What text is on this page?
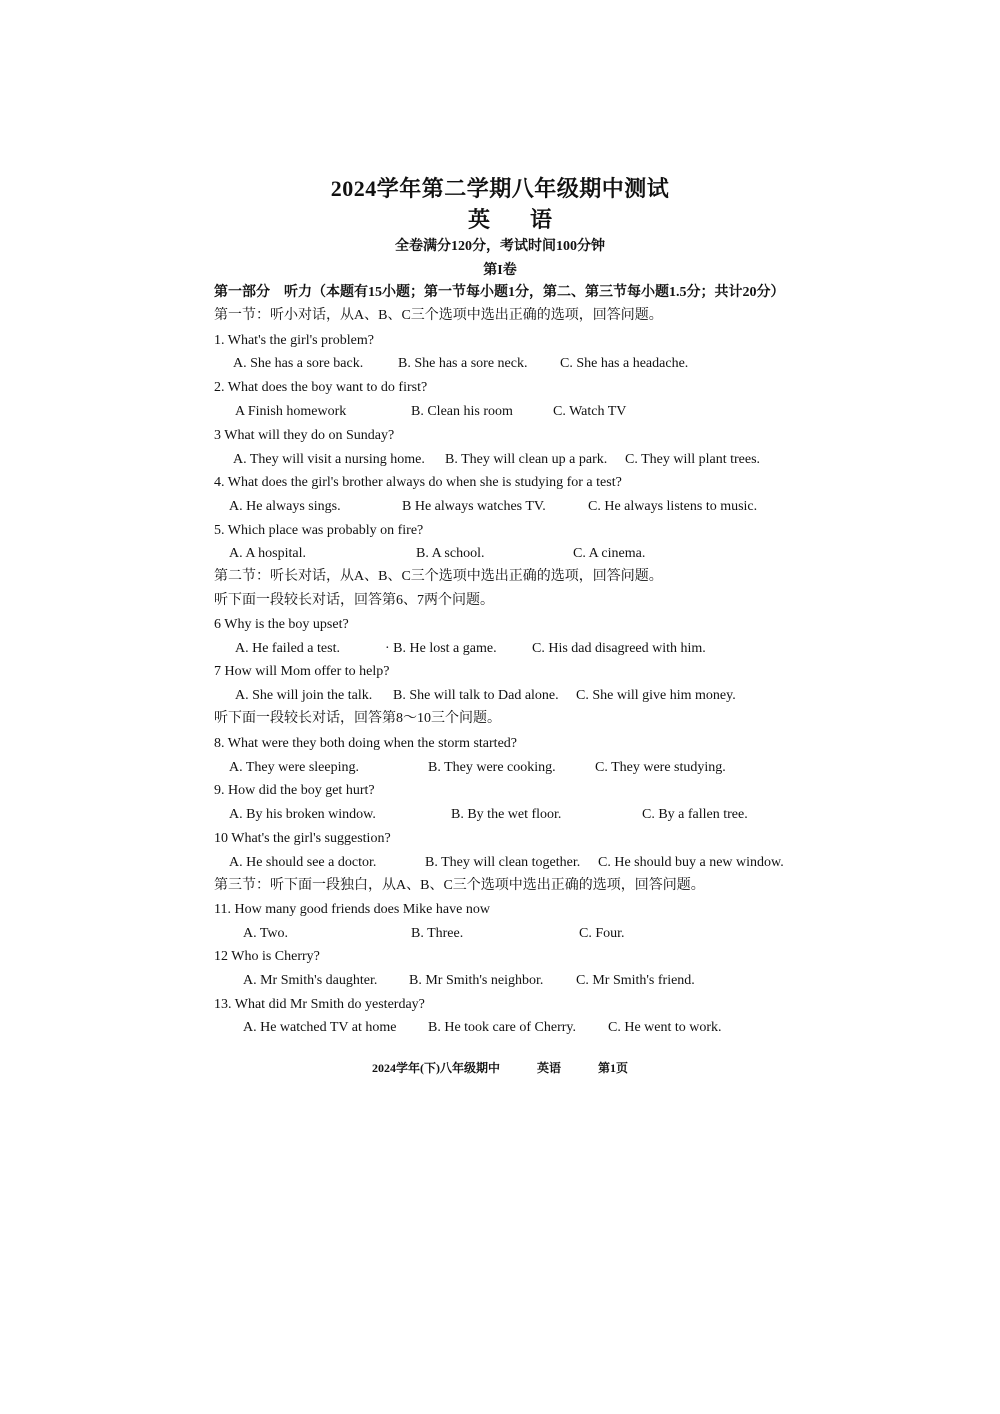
2024学年第二学期八年级期中测试
英语
全卷满分120分，考试时间100分钟
第I卷
第一部分　听力（本题有15小题；第一节每小题1分，第二、第三节每小题1.5分；共计20分）
第一节：听小对话，从A、B、C三个选项中选出正确的选项，回答问题。
1. What's the girl's problem?
A. She has a sore back. B. She has a sore neck. C. She has a headache.
2. What does the boy want to do first?
A Finish homework	B. Clean his room	C. Watch TV
3 What will they do on Sunday?
A. They will visit a nursing home. B. They will clean up a park. C. They will plant trees.
4. What does the girl's brother always do when she is studying for a test?
A. He always sings.	B He always watches TV.	C. He always listens to music.
5. Which place was probably on fire?
A. A hospital.	B. A school.	C. A cinema.
第二节：听长对话，从A、B、C三个选项中选出正确的选项，回答问题。
听下面一段较长对话，回答第6、7两个问题。
6 Why is the boy upset?
A. He failed a test.	· B. He lost a game.	C. His dad disagreed with him.
7 How will Mom offer to help?
A. She will join the talk. B. She will talk to Dad alone. C. She will give him money.
听下面一段较长对话，回答第8～10三个问题。
8. What were they both doing when the storm started?
A. They were sleeping.	B. They were cooking.	C. They were studying.
9. How did the boy get hurt?
A. By his broken window.	B. By the wet floor.	C. By a fallen tree.
10 What's the girl's suggestion?
A. He should see a doctor.	B. They will clean together. C. He should buy a new window.
第三节：听下面一段独白，从A、B、C三个选项中选出正确的选项，回答问题。
11. How many good friends does Mike have now
A. Two.	B. Three.	C. Four.
12 Who is Cherry?
A. Mr Smith's daughter. B. Mr Smith's neighbor. C. Mr Smith's friend.
13. What did Mr Smith do yesterday?
A. He watched TV at home B. He took care of Cherry. C. He went to work.
2024学年(下)八年级期中	英语	第1页
